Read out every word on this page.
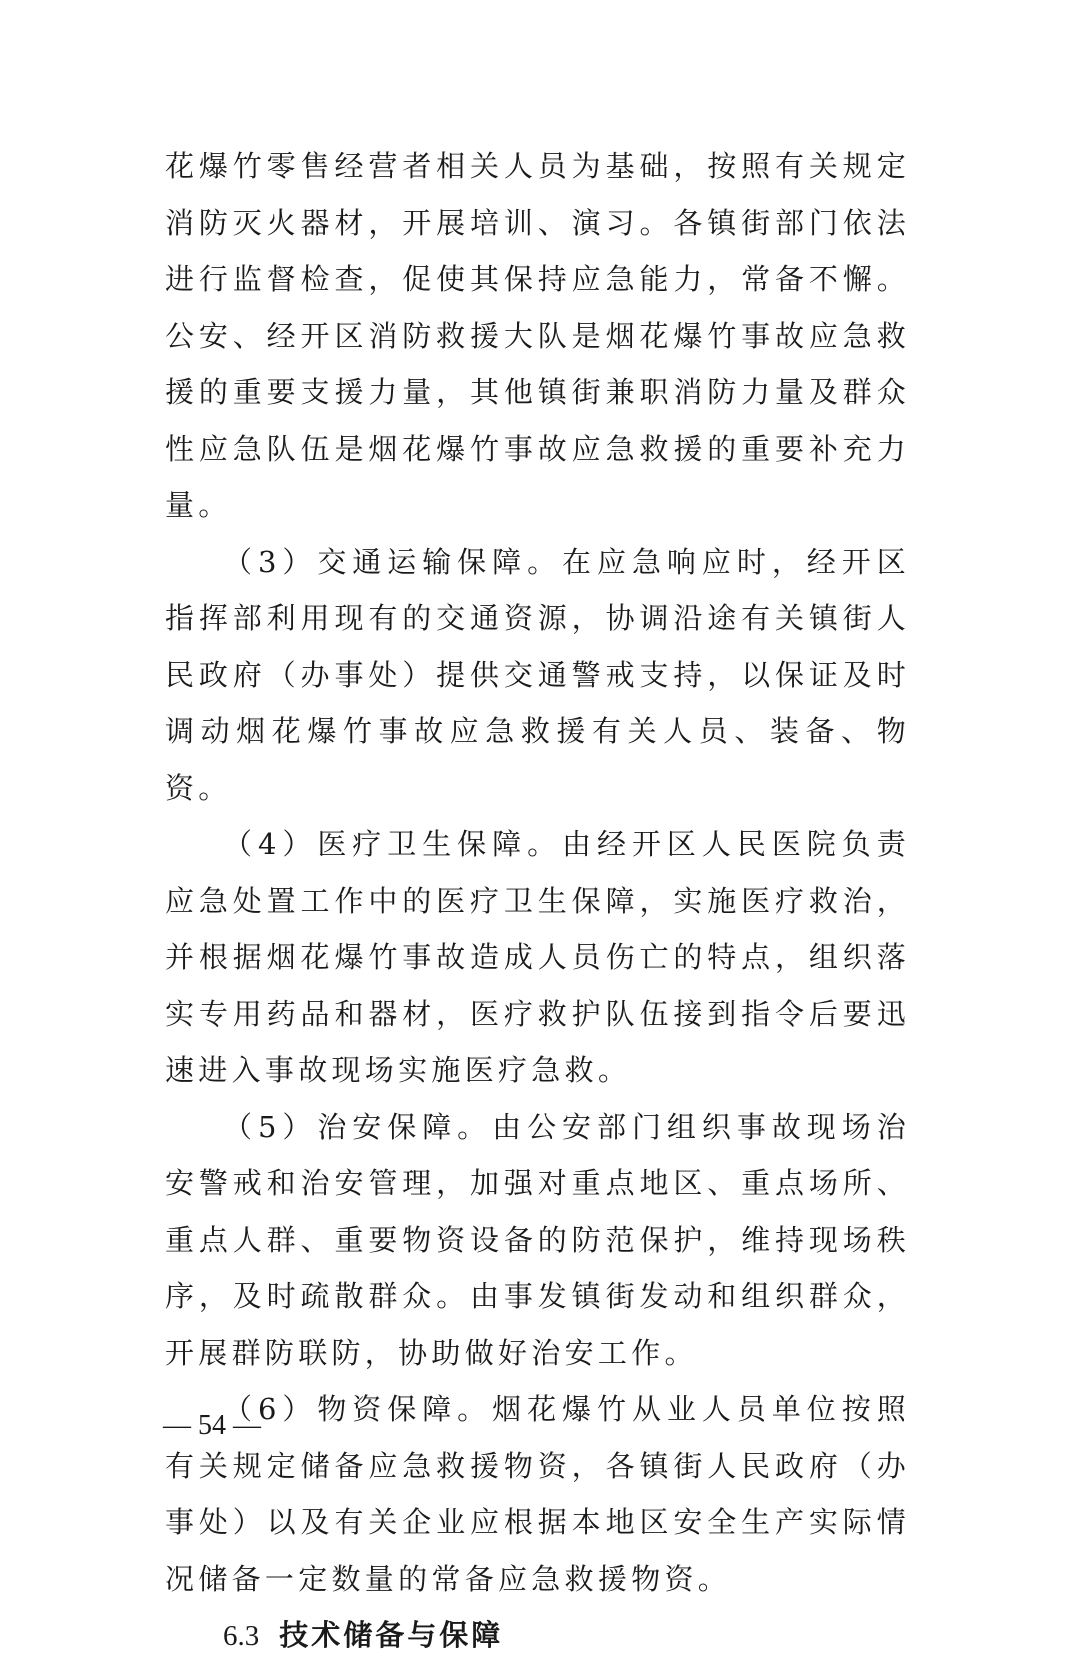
花爆竹零售经营者相关人员为基础，按照有关规定消防灭火器材，开展培训、演习。各镇街部门依法进行监督检查，促使其保持应急能力，常备不懈。公安、经开区消防救援大队是烟花爆竹事故应急救援的重要支援力量，其他镇街兼职消防力量及群众性应急队伍是烟花爆竹事故应急救援的重要补充力量。

（3）交通运输保障。在应急响应时，经开区指挥部利用现有的交通资源，协调沿途有关镇街人民政府（办事处）提供交通警戒支持，以保证及时调动烟花爆竹事故应急救援有关人员、装备、物资。

（4）医疗卫生保障。由经开区人民医院负责应急处置工作中的医疗卫生保障，实施医疗救治，并根据烟花爆竹事故造成人员伤亡的特点，组织落实专用药品和器材，医疗救护队伍接到指令后要迅速进入事故现场实施医疗急救。

（5）治安保障。由公安部门组织事故现场治安警戒和治安管理，加强对重点地区、重点场所、重点人群、重要物资设备的防范保护，维持现场秩序，及时疏散群众。由事发镇街发动和组织群众，开展群防联防，协助做好治安工作。

（6）物资保障。烟花爆竹从业人员单位按照有关规定储备应急救援物资，各镇街人民政府（办事处）以及有关企业应根据本地区安全生产实际情况储备一定数量的常备应急救援物资。

6.3 技术储备与保障

— 54 —
